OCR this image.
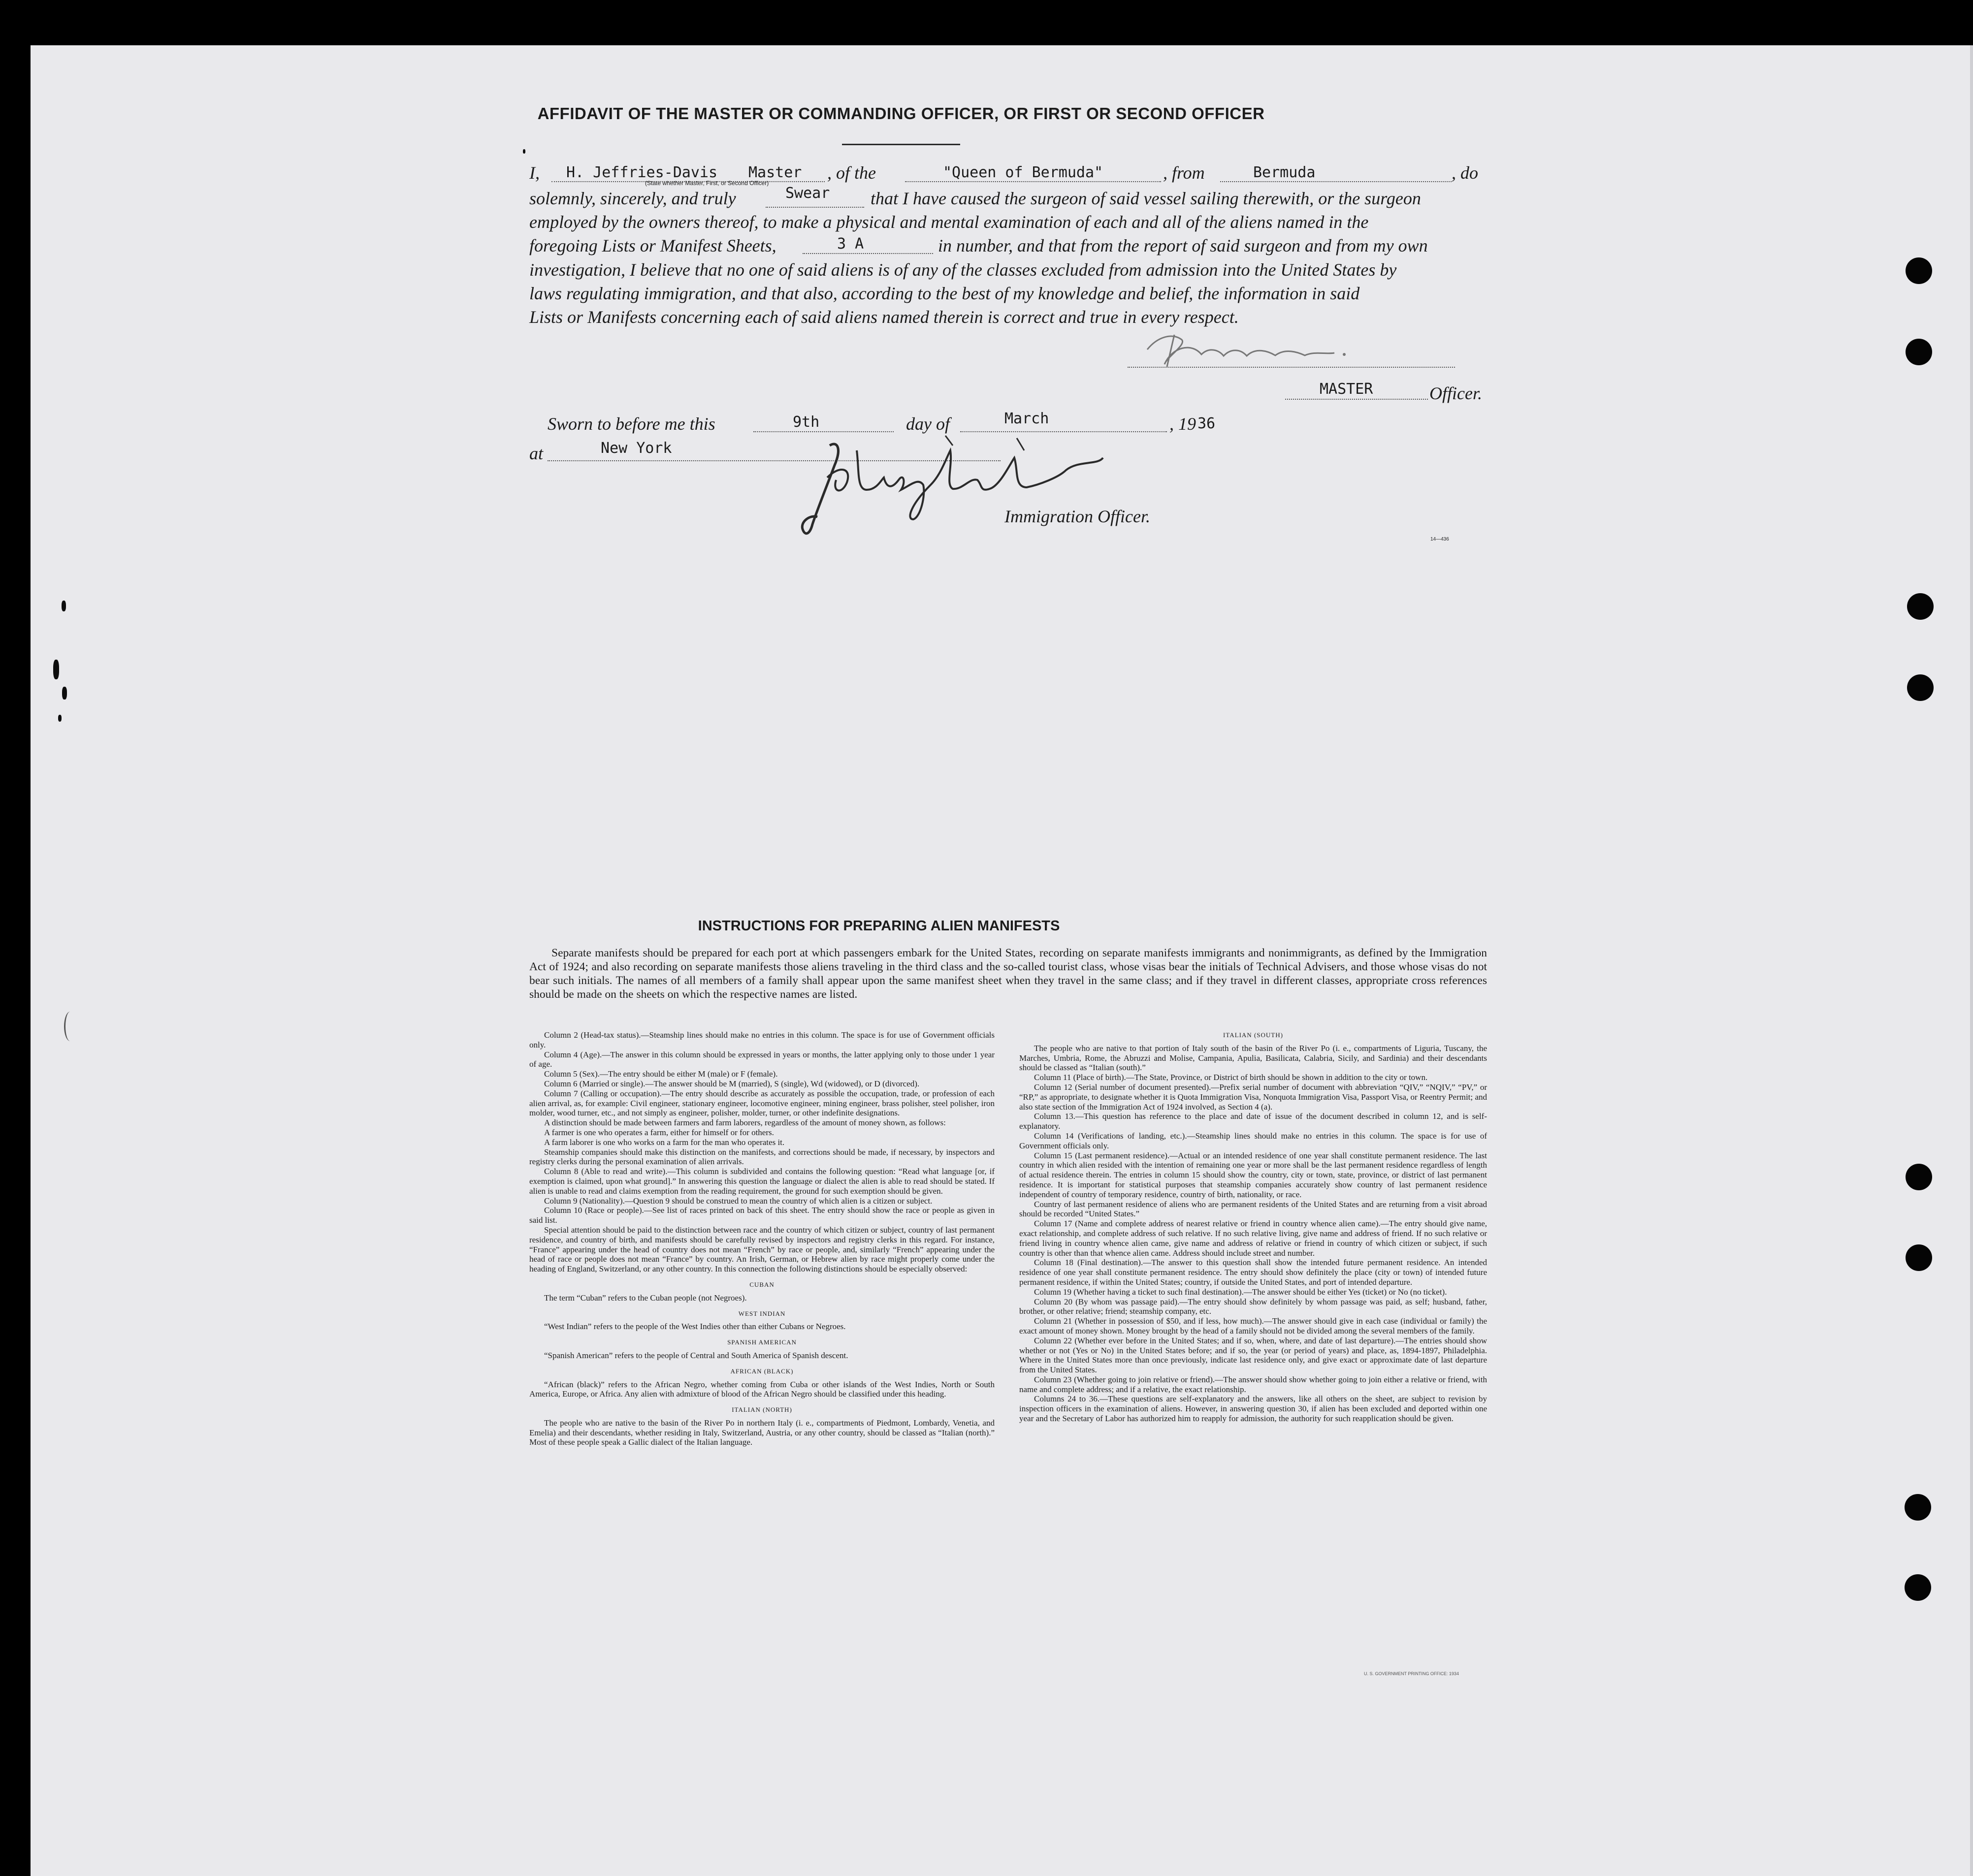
AFFIDAVIT OF THE MASTER OR COMMANDING OFFICER, OR FIRST OR SECOND OFFICER
I, H. Jeffries-Davis Master
(State whether Master, First, or Second Officer)
, of the	"Queen of Bermuda"	, from	Bermuda	, do
solemnly, sincerely, and truly	Swear that I have caused the surgeon of said vessel sailing therewith, or the surgeon
employed by the owners thereof, to make a physical and mental examination of each and all of the aliens named in the
foregoing Lists or Manifest Sheets,	3 A	in number, and that from the report of said surgeon and from my own
investigation, I believe that no one of said aliens is of any of the classes excluded from admission into the United States by
laws regulating immigration, and that also, according to the best of my knowledge and belief, the information in said
Lists or Manifests concerning each of said aliens named therein is correct and true in every respect.
MASTER	Officer.
Sworn to before me this	9th	day of	March	, 19 36
at	New York
Immigration Officer.
14—436
INSTRUCTIONS FOR PREPARING ALIEN MANIFESTS
Separate manifests should be prepared for each port at which passengers embark for the United States, recording on separate manifests immigrants and nonimmigrants, as defined by the Immigration Act of 1924; and also recording on separate manifests those aliens traveling in the third class and the so-called tourist class, whose visas bear the initials of Technical Advisers, and those whose visas do not bear such initials. The names of all members of a family shall appear upon the same manifest sheet when they travel in the same class; and if they travel in different classes, appropriate cross references should be made on the sheets on which the respective names are listed.

Column 2 (Head-tax status).—Steamship lines should make no entries in this column. The space is for use of Government officials only.

Column 4 (Age).—The answer in this column should be expressed in years or months, the latter applying only to those under 1 year of age.

Column 5 (Sex).—The entry should be either M (male) or F (female).

Column 6 (Married or single).—The answer should be M (married), S (single), Wd (widowed), or D (divorced).

Column 7 (Calling or occupation).—The entry should describe as accurately as possible the occupation, trade, or profession of each alien arrival, as, for example: Civil engineer, stationary engineer, locomotive engineer, mining engineer, brass polisher, steel polisher, iron molder, wood turner, etc., and not simply as engineer, polisher, molder, turner, or other indefinite designations.

A distinction should be made between farmers and farm laborers, regardless of the amount of money shown, as follows:

A farmer is one who operates a farm, either for himself or for others.

A farm laborer is one who works on a farm for the man who operates it.

Steamship companies should make this distinction on the manifests, and corrections should be made, if necessary, by inspectors and registry clerks during the personal examination of alien arrivals.

Column 8 (Able to read and write).—This column is subdivided and contains the following question: “Read what language [or, if exemption is claimed, upon what ground].” In answering this question the language or dialect the alien is able to read should be stated. If alien is unable to read and claims exemption from the reading requirement, the ground for such exemption should be given.

Column 9 (Nationality).—Question 9 should be construed to mean the country of which alien is a citizen or subject.

Column 10 (Race or people).—See list of races printed on back of this sheet. The entry should show the race or people as given in said list.

Special attention should be paid to the distinction between race and the country of which citizen or subject, country of last permanent residence, and country of birth, and manifests should be carefully revised by inspectors and registry clerks in this regard. For instance, “France” appearing under the head of country does not mean “French” by race or people, and, similarly “French” appearing under the head of race or people does not mean “France” by country. An Irish, German, or Hebrew alien by race might properly come under the heading of England, Switzerland, or any other country. In this connection the following distinctions should be especially observed:

CUBAN

The term “Cuban” refers to the Cuban people (not Negroes).

WEST INDIAN

“West Indian” refers to the people of the West Indies other than either Cubans or Negroes.

SPANISH AMERICAN

“Spanish American” refers to the people of Central and South America of Spanish descent.

AFRICAN (BLACK)

“African (black)” refers to the African Negro, whether coming from Cuba or other islands of the West Indies, North or South America, Europe, or Africa. Any alien with admixture of blood of the African Negro should be classified under this heading.

ITALIAN (NORTH)

The people who are native to the basin of the River Po in northern Italy (i. e., compartments of Piedmont, Lombardy, Venetia, and Emelia) and their descendants, whether residing in Italy, Switzerland, Austria, or any other country, should be classed as “Italian (north).” Most of these people speak a Gallic dialect of the Italian language.

ITALIAN (SOUTH)

The people who are native to that portion of Italy south of the basin of the River Po (i. e., compartments of Liguria, Tuscany, the Marches, Umbria, Rome, the Abruzzi and Molise, Campania, Apulia, Basilicata, Calabria, Sicily, and Sardinia) and their descendants should be classed as “Italian (south).”

Column 11 (Place of birth).—The State, Province, or District of birth should be shown in addition to the city or town.

Column 12 (Serial number of document presented).—Prefix serial number of document with abbreviation “QIV,” “NQIV,” “PV,” or “RP,” as appropriate, to designate whether it is Quota Immigration Visa, Nonquota Immigration Visa, Passport Visa, or Reentry Permit; and also state section of the Immigration Act of 1924 involved, as Section 4 (a).

Column 13.—This question has reference to the place and date of issue of the document described in column 12, and is self-explanatory.

Column 14 (Verifications of landing, etc.).—Steamship lines should make no entries in this column. The space is for use of Government officials only.

Column 15 (Last permanent residence).—Actual or an intended residence of one year shall constitute permanent residence. The last country in which alien resided with the intention of remaining one year or more shall be the last permanent residence regardless of length of actual residence therein. The entries in column 15 should show the country, city or town, state, province, or district of last permanent residence. It is important for statistical purposes that steamship companies accurately show country of last permanent residence independent of country of temporary residence, country of birth, nationality, or race.

Country of last permanent residence of aliens who are permanent residents of the United States and are returning from a visit abroad should be recorded “United States.”

Column 17 (Name and complete address of nearest relative or friend in country whence alien came).—The entry should give name, exact relationship, and complete address of such relative. If no such relative living, give name and address of friend. If no such relative or friend living in country whence alien came, give name and address of relative or friend in country of which citizen or subject, if such country is other than that whence alien came. Address should include street and number.

Column 18 (Final destination).—The answer to this question shall show the intended future permanent residence. An intended residence of one year shall constitute permanent residence. The entry should show definitely the place (city or town) of intended future permanent residence, if within the United States; country, if outside the United States, and port of intended departure.

Column 19 (Whether having a ticket to such final destination).—The answer should be either Yes (ticket) or No (no ticket).

Column 20 (By whom was passage paid).—The entry should show definitely by whom passage was paid, as self; husband, father, brother, or other relative; friend; steamship company, etc.

Column 21 (Whether in possession of $50, and if less, how much).—The answer should give in each case (individual or family) the exact amount of money shown. Money brought by the head of a family should not be divided among the several members of the family.

Column 22 (Whether ever before in the United States; and if so, when, where, and date of last departure).—The entries should show whether or not (Yes or No) in the United States before; and if so, the year (or period of years) and place, as, 1894-1897, Philadelphia. Where in the United States more than once previously, indicate last residence only, and give exact or approximate date of last departure from the United States.

Column 23 (Whether going to join relative or friend).—The answer should show whether going to join either a relative or friend, with name and complete address; and if a relative, the exact relationship.

Columns 24 to 36.—These questions are self-explanatory and the answers, like all others on the sheet, are subject to revision by inspection officers in the examination of aliens. However, in answering question 30, if alien has been excluded and deported within one year and the Secretary of Labor has authorized him to reapply for admission, the authority for such reapplication should be given.

U. S. GOVERNMENT PRINTING OFFICE: 1934
